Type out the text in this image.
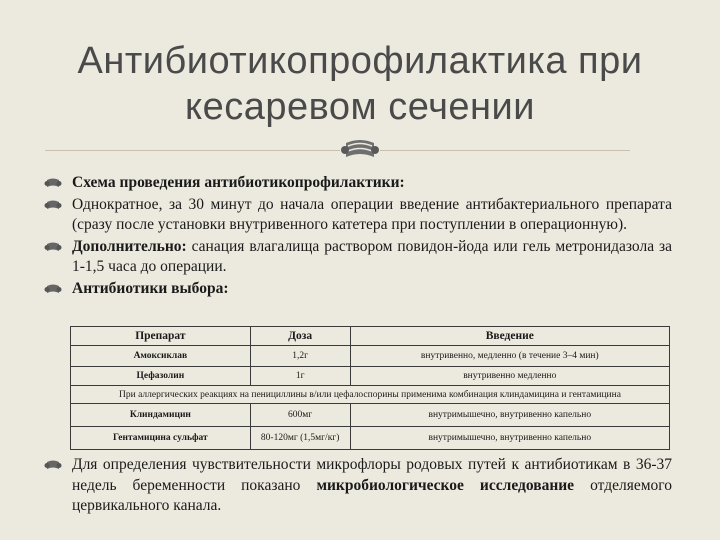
Антибиотикопрофилактика при
кесаревом сечении
Схема проведения антибиотикопрофилактики:
Однократное, за 30 минут до начала операции введение антибактериального препарата (сразу после установки внутривенного катетера при поступлении в операционную).
Дополнительно: санация влагалища раствором повидон-йода или гель метронидазола за 1-1,5 часа до операции.
Антибиотики выбора:
Препарат	Доза	Введение
Амоксиклав	1,2г	внутривенно, медленно (в течение 3–4 мин)
Цефазолин	1г	внутривенно медленно
При аллергических реакциях на пенициллины в/или цефалоспорины применима комбинация клиндамицина и гентамицина		
Клиндамицин	600мг	внутримышечно, внутривенно капельно
Гентамицина сульфат	80-120мг (1,5мг/кг)	внутримышечно, внутривенно капельно
Для определения чувствительности микрофлоры родовых путей к антибиотикам в 36-37 недель беременности показано микробиологическое исследование отделяемого цервикального канала.
